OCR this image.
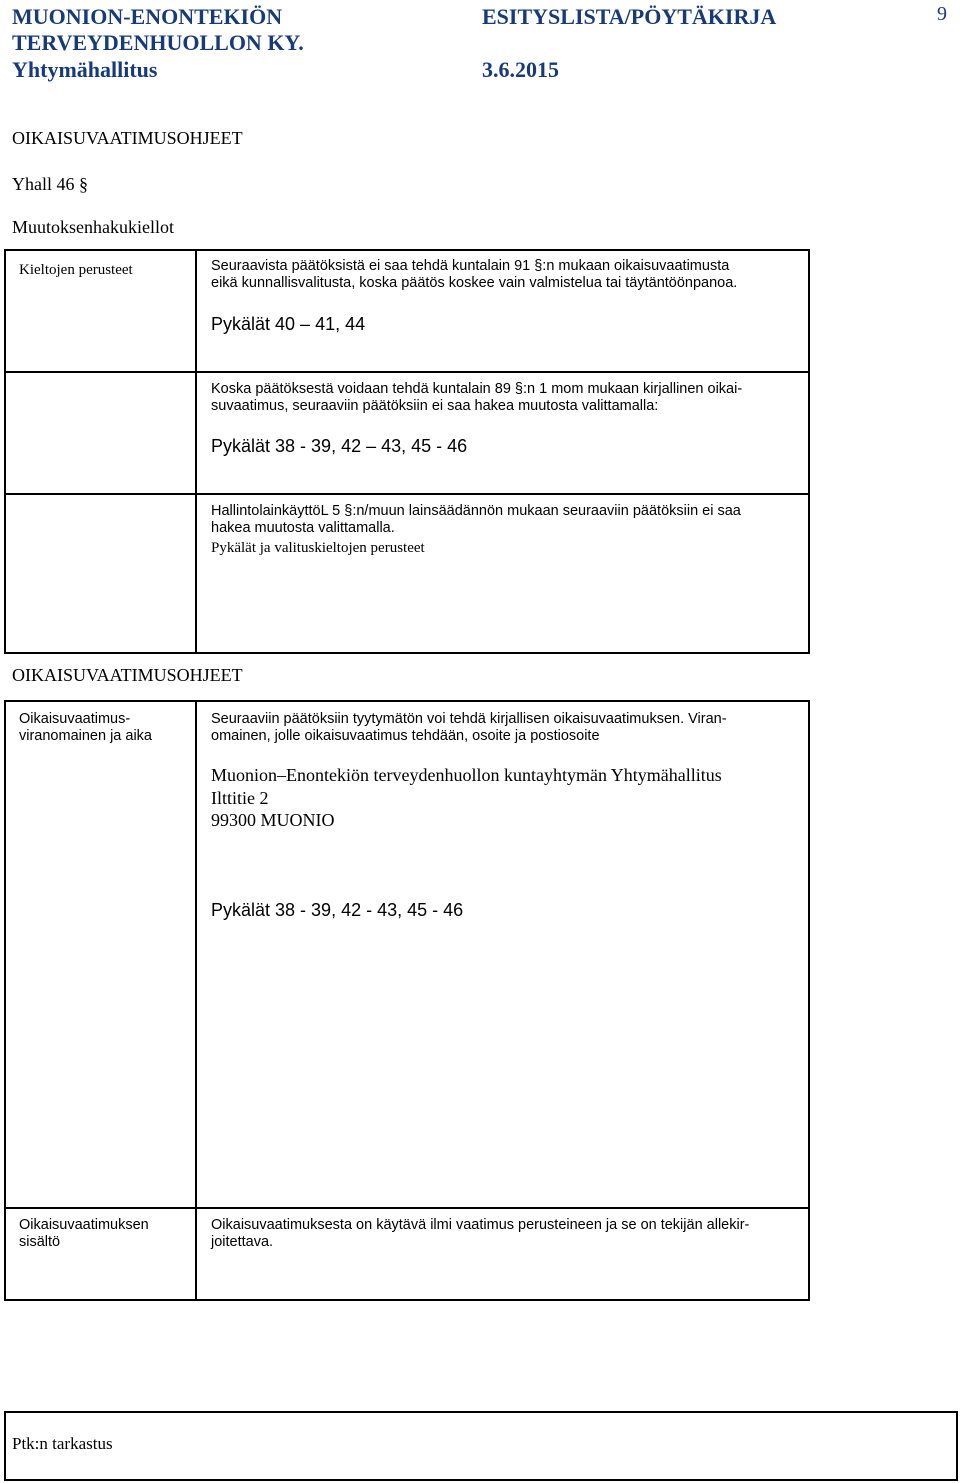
MUONION-ENONTEKIÖN
TERVEYDENHUOLLON KY.
Yhtymähallitus
ESITYSLISTA/PÖYTÄKIRJA
3.6.2015
9
OIKAISUVAATIMUSOHJEET
Yhall 46 §
Muutoksenhakukiellot
Kieltojen perusteet	Seuraavista päätöksistä ei saa tehdä kuntalain 91 §:n mukaan oikaisuvaatimusta
eikä kunnallisvalitusta, koska päätös koskee vain valmistelua tai täytäntöönpanoa.
Pykälät 40 – 41, 44
Koska päätöksestä voidaan tehdä kuntalain 89 §:n 1 mom mukaan kirjallinen oikai-
suvaatimus, seuraaviin päätöksiin ei saa hakea muutosta valittamalla:
Pykälät 38 - 39, 42 – 43, 45 - 46
HallintolainkäyttöL 5 §:n/muun lainsäädännön mukaan seuraaviin päätöksiin ei saa
hakea muutosta valittamalla.
Pykälät ja valituskieltojen perusteet
OIKAISUVAATIMUSOHJEET
Oikaisuvaatimus-
viranomainen ja aika
Seuraaviin päätöksiin tyytymätön voi tehdä kirjallisen oikaisuvaatimuksen. Viran-
omainen, jolle oikaisuvaatimus tehdään, osoite ja postiosoite
Muonion–Enontekiön terveydenhuollon kuntayhtymän Yhtymähallitus
Ilttitie 2
99300 MUONIO
Pykälät 38 - 39, 42 - 43, 45 - 46
Oikaisuvaatimuksen
sisältö
Oikaisuvaatimuksesta on käytävä ilmi vaatimus perusteineen ja se on tekijän allekir-
joitettava.
Ptk:n tarkastus
